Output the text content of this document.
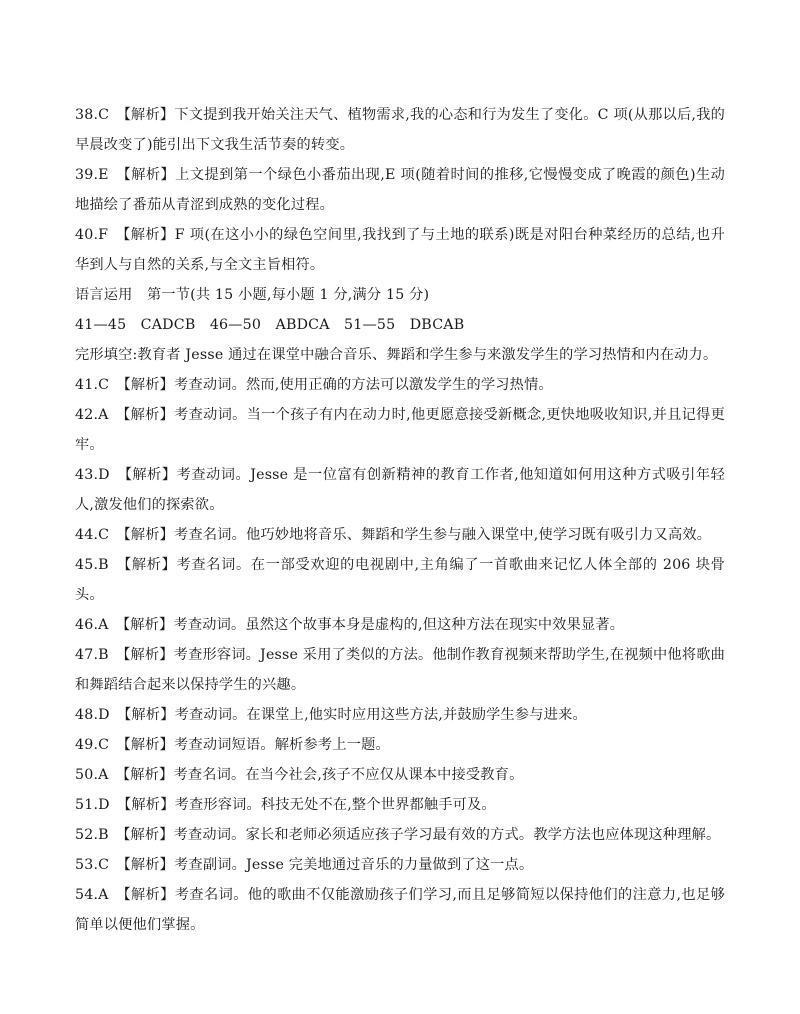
38.C　【解析】下文提到我开始关注天气、植物需求,我的心态和行为发生了变化。C 项(从那以后,我的早晨改变了)能引出下文我生活节奏的转变。

39.E　【解析】上文提到第一个绿色小番茄出现,E 项(随着时间的推移,它慢慢变成了晚霞的颜色)生动地描绘了番茄从青涩到成熟的变化过程。

40.F　【解析】F 项(在这小小的绿色空间里,我找到了与土地的联系)既是对阳台种菜经历的总结,也升华到人与自然的关系,与全文主旨相符。

语言运用　第一节(共 15 小题,每小题 1 分,满分 15 分)

41—45　CADCB　46—50　ABDCA　51—55　DBCAB

完形填空:教育者 Jesse 通过在课堂中融合音乐、舞蹈和学生参与来激发学生的学习热情和内在动力。

41.C　【解析】考查动词。然而,使用正确的方法可以激发学生的学习热情。

42.A　【解析】考查动词。当一个孩子有内在动力时,他更愿意接受新概念,更快地吸收知识,并且记得更牢。

43.D　【解析】考查动词。Jesse 是一位富有创新精神的教育工作者,他知道如何用这种方式吸引年轻人,激发他们的探索欲。

44.C　【解析】考查名词。他巧妙地将音乐、舞蹈和学生参与融入课堂中,使学习既有吸引力又高效。

45.B　【解析】考查名词。在一部受欢迎的电视剧中,主角编了一首歌曲来记忆人体全部的 206 块骨头。

46.A　【解析】考查动词。虽然这个故事本身是虚构的,但这种方法在现实中效果显著。

47.B　【解析】考查形容词。Jesse 采用了类似的方法。他制作教育视频来帮助学生,在视频中他将歌曲和舞蹈结合起来以保持学生的兴趣。

48.D　【解析】考查动词。在课堂上,他实时应用这些方法,并鼓励学生参与进来。

49.C　【解析】考查动词短语。解析参考上一题。

50.A　【解析】考查名词。在当今社会,孩子不应仅从课本中接受教育。

51.D　【解析】考查形容词。科技无处不在,整个世界都触手可及。

52.B　【解析】考查动词。家长和老师必须适应孩子学习最有效的方式。教学方法也应体现这种理解。

53.C　【解析】考查副词。Jesse 完美地通过音乐的力量做到了这一点。

54.A　【解析】考查名词。他的歌曲不仅能激励孩子们学习,而且足够简短以保持他们的注意力,也足够简单以便他们掌握。
